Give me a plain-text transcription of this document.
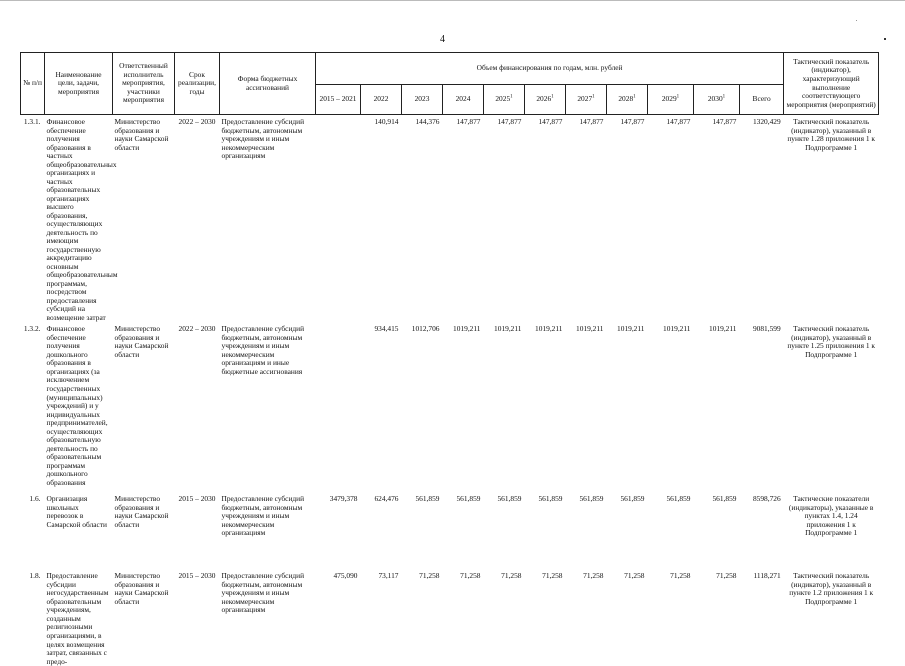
4
№ п/п	Наименование цели, задачи, мероприятия	Ответственный исполнитель мероприятия, участники мероприятия	Срок реализации, годы	Форма бюджетных ассигнований	Объем финансирования по годам, млн. рублей											Тактический показатель (индикатор), характеризующий выполнение соответствующего мероприятия (мероприятий)
					2015 – 2021	2022	2023	2024	2025$^1$	2026$^1$	2027$^1$	2028$^1$	2029$^1$	2030$^1$	Всего	
1.3.1.	Финансовое обеспечение получения образования в частных общеобразовательных организациях и частных образовательных организациях высшего образования, осуществляющих деятельность по имеющим государственную аккредитацию основным общеобразовательным программам, посредством предоставления субсидий на возмещение затрат	Министерство образования и науки Самарской области	2022 – 2030	Предоставление субсидий бюджетным, автономным учреждениям и иным некоммерческим организациям		140,914	144,376	147,877	147,877	147,877	147,877	147,877	147,877	147,877	1320,429	Тактический показатель (индикатор), указанный в пункте 1.28 приложения 1 к Подпрограмме 1
1.3.2.	Финансовое обеспечение получения дошкольного образования в организациях (за исключением государственных (муниципальных) учреждений) и у индивидуальных предпринимателей, осуществляющих образовательную деятельность по образовательным программам дошкольного образования	Министерство образования и науки Самарской области	2022 – 2030	Предоставление субсидий бюджетным, автономным учреждениям и иным некоммерческим организациям и иные бюджетные ассигнования		934,415	1012,706	1019,211	1019,211	1019,211	1019,211	1019,211	1019,211	1019,211	9081,599	Тактический показатель (индикатор), указанный в пункте 1.25 приложения 1 к Подпрограмме 1
1.6.	Организация школьных перевозок в Самарской области	Министерство образования и науки Самарской области	2015 – 2030	Предоставление субсидий бюджетным, автономным учреждениям и иным некоммерческим организациям	3479,378	624,476	561,859	561,859	561,859	561,859	561,859	561,859	561,859	561,859	8598,726	Тактические показатели (индикаторы), указанные в пунктах 1.4, 1.24 приложения 1 к Подпрограмме 1
1.8.	Предоставление субсидии негосударственным образовательным учреждениям, созданным религиозными организациями, в целях возмещения затрат, связанных с предо-	Министерство образования и науки Самарской области	2015 – 2030	Предоставление субсидий бюджетным, автономным учреждениям и иным некоммерческим организациям	475,090	73,117	71,258	71,258	71,258	71,258	71,258	71,258	71,258	71,258	1118,271	Тактический показатель (индикатор), указанный в пункте 1.2 приложения 1 к Подпрограмме 1
